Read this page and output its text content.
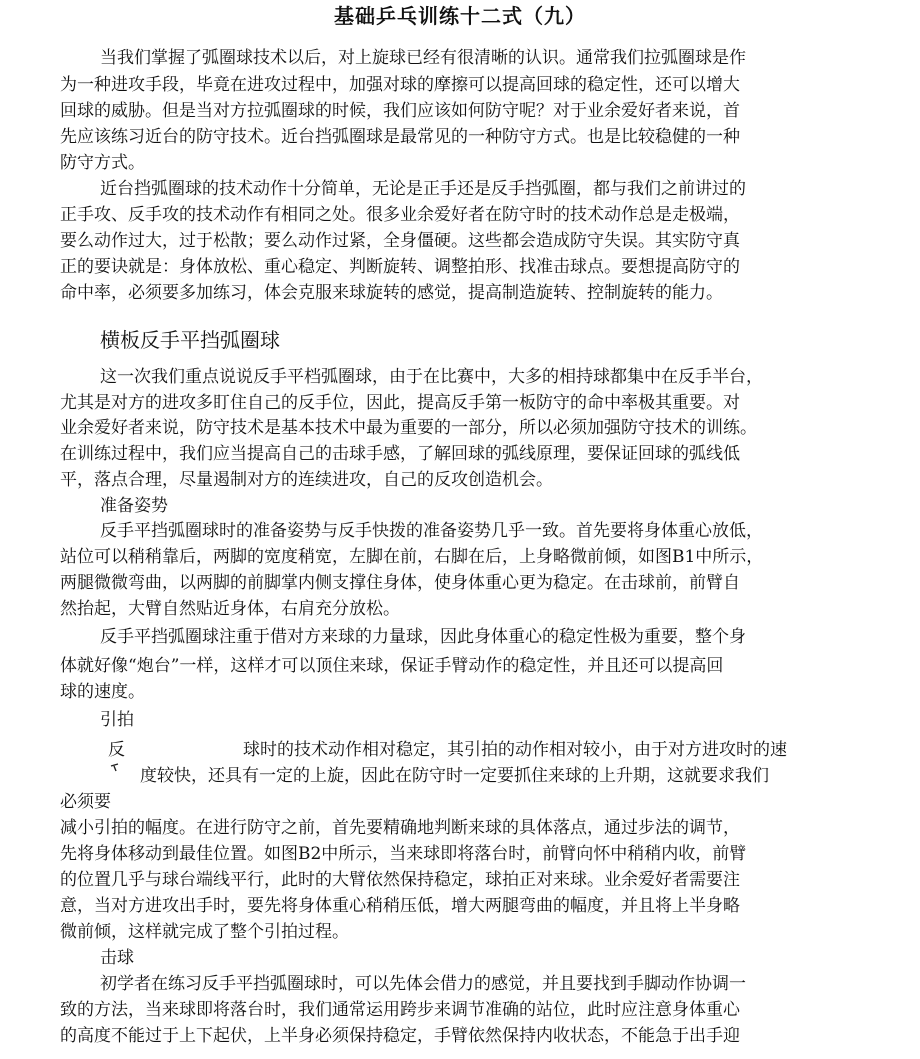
基础乒乓训练十二式（九）
当我们掌握了弧圈球技术以后，对上旋球已经有很清晰的认识。通常我们拉弧圈球是作
为一种进攻手段，毕竟在进攻过程中，加强对球的摩擦可以提高回球的稳定性，还可以增大
回球的威胁。但是当对方拉弧圈球的时候，我们应该如何防守呢？对于业余爱好者来说，首
先应该练习近台的防守技术。近台挡弧圈球是最常见的一种防守方式。也是比较稳健的一种
防守方式。
近台挡弧圈球的技术动作十分简单，无论是正手还是反手挡弧圈，都与我们之前讲过的
正手攻、反手攻的技术动作有相同之处。很多业余爱好者在防守时的技术动作总是走极端，
要么动作过大，过于松散；要么动作过紧，全身僵硬。这些都会造成防守失误。其实防守真
正的要诀就是：身体放松、重心稳定、判断旋转、调整拍形、找准击球点。要想提高防守的
命中率，必须要多加练习，体会克服来球旋转的感觉，提高制造旋转、控制旋转的能力。
横板反手平挡弧圈球
这一次我们重点说说反手平档弧圈球，由于在比赛中，大多的相持球都集中在反手半台，
尤其是对方的进攻多盯住自己的反手位，因此，提高反手第一板防守的命中率极其重要。对
业余爱好者来说，防守技术是基本技术中最为重要的一部分，所以必须加强防守技术的训练。
在训练过程中，我们应当提高自己的击球手感，了解回球的弧线原理，要保证回球的弧线低
平，落点合理，尽量遏制对方的连续进攻，自己的反攻创造机会。
准备姿势
反手平挡弧圈球时的准备姿势与反手快拨的准备姿势几乎一致。首先要将身体重心放低，
站位可以稍稍靠后，两脚的宽度稍宽，左脚在前，右脚在后，上身略微前倾，如图B1中所示，
两腿微微弯曲，以两脚的前脚掌内侧支撑住身体，使身体重心更为稳定。在击球前，前臂自
然抬起，大臂自然贴近身体，右肩充分放松。
反手平挡弧圈球注重于借对方来球的力量球，因此身体重心的稳定性极为重要，整个身
体就好像“炮台”一样，这样才可以顶住来球，保证手臂动作的稳定性，并且还可以提高回
球的速度。
引拍
反	球时的技术动作相对稳定，其引拍的动作相对较小，由于对方进攻时的速
度较快，还具有一定的上旋，因此在防守时一定要抓住来球的上升期，这就要求我们
必须要
减小引拍的幅度。在进行防守之前，首先要精确地判断来球的具体落点，通过步法的调节，
先将身体移动到最佳位置。如图B2中所示，当来球即将落台时，前臂向怀中稍稍内收，前臂
的位置几乎与球台端线平行，此时的大臂依然保持稳定，球拍正对来球。业余爱好者需要注
意，当对方进攻出手时，要先将身体重心稍稍压低，增大两腿弯曲的幅度，并且将上半身略
微前倾，这样就完成了整个引拍过程。
击球
初学者在练习反手平挡弧圈球时，可以先体会借力的感觉，并且要找到手脚动作协调一
致的方法，当来球即将落台时，我们通常运用跨步来调节准确的站位，此时应注意身体重心
的高度不能过于上下起伏，上半身必须保持稳定，手臂依然保持内收状态，不能急于出手迎
